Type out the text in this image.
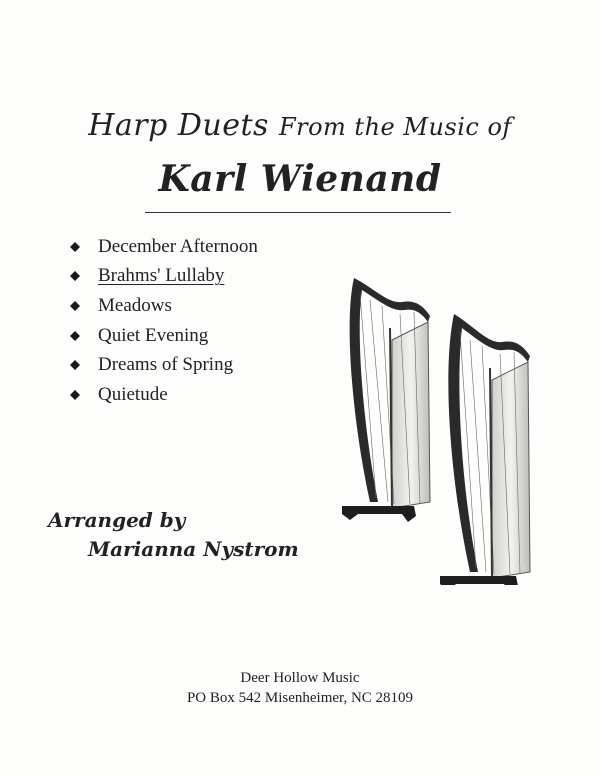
Harp Duets From the Music of
Karl Wienand
December Afternoon
Brahms' Lullaby
Meadows
Quiet Evening
Dreams of Spring
Quietude
Arranged by
Marianna Nystrom
Deer Hollow Music
PO Box 542 Misenheimer, NC 28109
